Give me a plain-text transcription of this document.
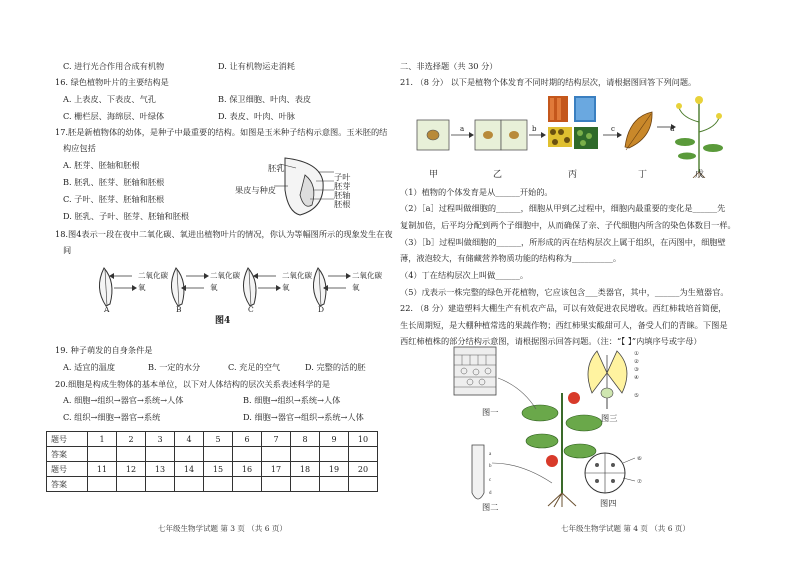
C. 进行光合作用合成有机物	D. 让有机物运走消耗
16. 绿色植物叶片的主要结构是
A. 上表皮、下表皮、气孔	B. 保卫细胞、叶肉、表皮
C. 栅栏层、海绵层、叶绿体	D. 表皮、叶肉、叶脉
17.胚是新植物体的幼体，是种子中最重要的结构。如图是玉米种子结构示意图。玉米胚的结
构应包括
A. 胚芽、胚轴和胚根
B. 胚乳、胚芽、胚轴和胚根
C. 子叶、胚芽、胚轴和胚根
D. 胚乳、子叶、胚芽、胚轴和胚根
18.图4表示一段在夜中二氧化碳、氧进出植物叶片的情况，你认为等幅图所示的现象发生在夜
间
19. 种子萌发的自身条件是
A. 适宜的温度	B. 一定的水分	C. 充足的空气	D. 完整的活的胚
20.细胞是构成生物体的基本单位，以下对人体结构的层次关系表述科学的是
A. 细胞→组织→器官→系统→人体	B. 细胞→组织→系统→人体
C. 组织→细胞→器官→系统	D. 细胞→器官→组织→系统→人体
胚乳
果皮与种皮
子叶
胚芽
胚轴
胚根
二氧化碳
氧
A
二氧化碳
氧
B
二氧化碳
氧
C
二氧化碳
氧
D
图4
题号	1	2	3	4	5	6	7	8	9	10
答案										
题号	11	12	13	14	15	16	17	18	19	20
答案										
七年级生物学试题 第 3 页 （共 6 页）
二、非选择题（共 30 分）
21. （8 分） 以下是植物个体发育不同时期的结构层次，请根据图回答下列问题。
a	b	c	d
甲	乙	丙	丁	戊
（1）植物的个体发育是从______开始的。
（2）［a］过程叫做细胞的______，细胞从甲到乙过程中，细胞内最重要的变化是______先
复制加倍，后平均分配到两个子细胞中，从而确保了亲、子代细胞内所含的染色体数目一样。
（3）［b］过程叫做细胞的______，所形成的丙在结构层次上属于组织，在丙图中，细胞壁
薄，液泡较大，有储藏营养物质功能的结构称为__________。
（4）丁在结构层次上叫做______。
（5）戊表示一株完整的绿色开花植物，它应该包含___类器官，其中，______为生殖器官。
22. （8 分）建造塑料大棚生产有机农产品，可以有效促进农民增收。西红柿栽培首简便，
生长周期短，是大棚种植常选的果蔬作物；西红柿果实酸甜可人，备受人们的青睐。下图是
西红柿植株的部分结构示意图，请根据图示回答问题。（注：“【 】”内填序号或字母）
a
b
c
d
①
②
③
④
⑤
⑥
⑦
图一
图三
图二	图四
七年级生物学试题 第 4 页 （共 6 页）
